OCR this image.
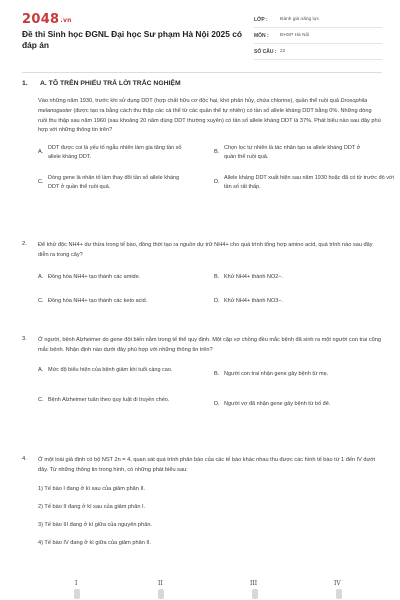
2048.vn
Đề thi Sinh học ĐGNL Đại học Sư phạm Hà Nội 2025 có đáp án
LỚP :	Đánh giá năng lực
MÔN :	ĐHSP Hà Nội
SỐ CÂU : 22
1. A. TÔ TRÊN PHIẾU TRẢ LỜI TRẮC NGHIỆM
Vào những năm 1930, trước khi sử dụng DDT (hợp chất hữu cơ độc hại, khó phân hủy, chứa chlorine), quần thể ruồi quả Drosophila melanogaster (được tạo ra bằng cách thu thập các cá thể từ các quần thể tự nhiên) có tần số allele kháng DDT bằng 0%. Những dòng ruồi thu thập sau năm 1960 (sau khoảng 20 năm dùng DDT thường xuyên) có tần số allele kháng DDT là 37%. Phát biểu nào sau đây phù hợp với những thông tin trên?
A.
DDT được coi là yếu tố ngẫu nhiên làm gia tăng tần số allele kháng DDT.
B.
Chọn lọc tự nhiên là tác nhân tạo ra allele kháng DDT ở quần thể ruồi quả.
C.
Dòng gene là nhân tố làm thay đổi tần số allele kháng DDT ở quần thể ruồi quả.
D.
Allele kháng DDT xuất hiện sau năm 1930 hoặc đã có từ trước đó với tần số rất thấp.
2. Để khử độc NH4+ dư thừa trong tế bào, đồng thời tạo ra nguồn dự trữ NH4+ cho quá trình tổng hợp amino acid, quá trình nào sau đây diễn ra trong cây?
A. Đồng hóa NH4+ tạo thành các amide.	B. Khử NH4+ thành NO2−.
C. Đồng hóa NH4+ tạo thành các keto acid.	D. Khử NH4+ thành NO3−.
3. Ở người, bệnh Alzheimer do gene đột biến nằm trong tế thể quy định. Một cặp vợ chồng đều mắc bệnh đã sinh ra một người con trai cũng mắc bệnh. Nhận định nào dưới đây phù hợp với những thông tin trên?
A. Mức độ biểu hiện của bệnh giảm khi tuổi càng cao.
B. Người con trai nhận gene gây bệnh từ mẹ.
C. Bệnh Alzheimer tuân theo quy luật di truyền chéo.
D. Người vợ đã nhận gene gây bệnh từ bố đẻ.
4. Ở một loài giả định có bộ NST 2n = 4, quan sát quá trình phân bào của các tế bào khác nhau thu được các hình tế bào từ 1 đến IV dưới đây. Từ những thông tin trong hình, có những phát biểu sau:
1) Tế bào I đang ở kì sau của giảm phân II.
2) Tế bào II đang ở kì sau của giảm phân I.
3) Tế bào III đang ở kì giữa của nguyên phân.
4) Tế bào IV đang ở kì giữa của giảm phân II.
I	II	III	IV
